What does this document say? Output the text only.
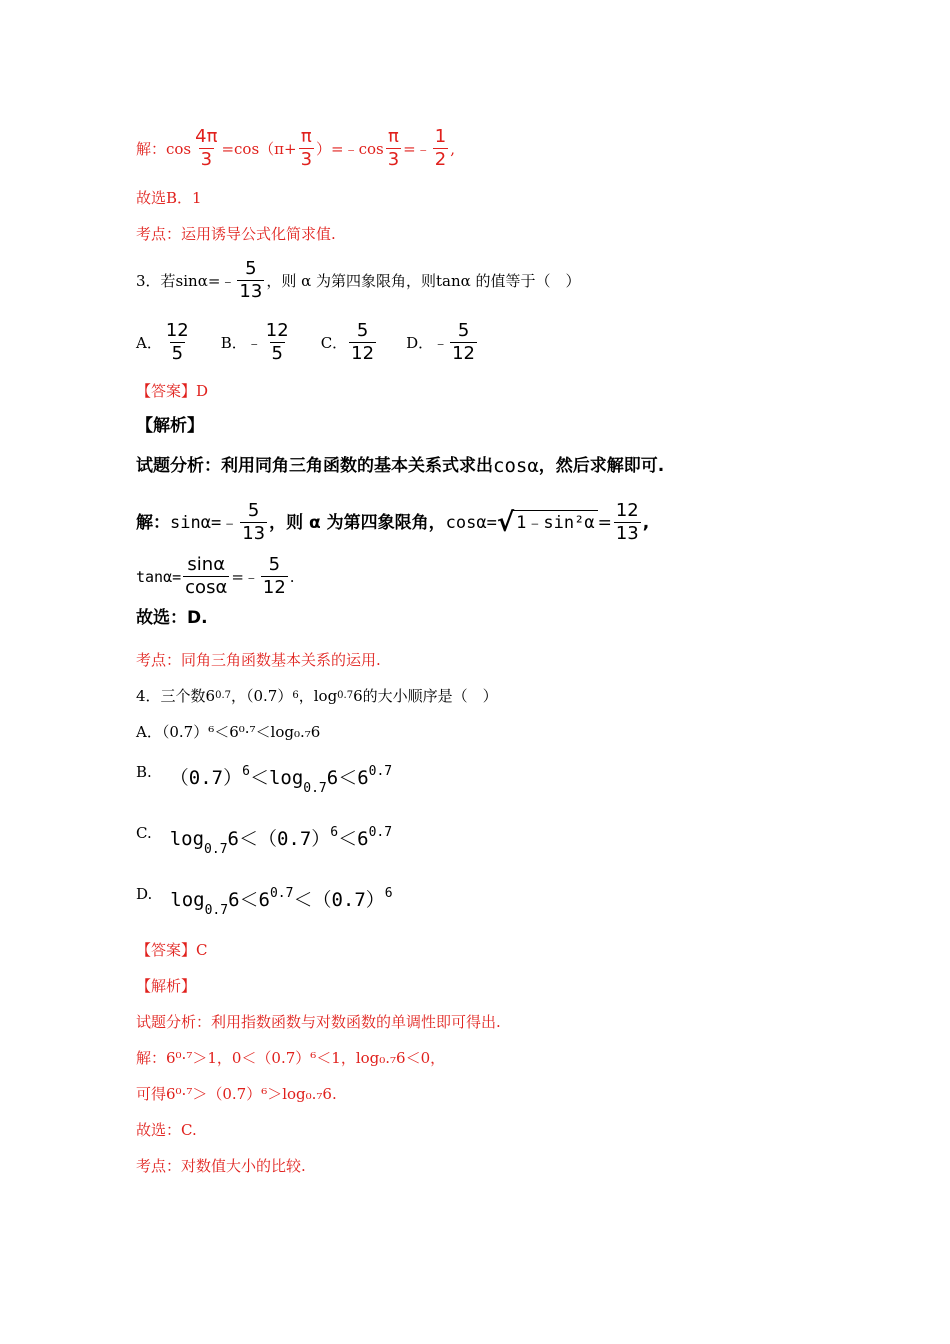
解：$\cos \frac{4\pi}{3} =\cos(\pi+ \frac{\pi}{3}$ ）=﹣cos $\frac{\pi}{3}$ =﹣ $\frac{1}{2}$ ,
故选B．1
考点：运用诱导公式化简求值.
3．若sinα=﹣ $\frac{5}{13}$ ，则 α 为第四象限角，则tanα 的值等于（　）
A． $\frac{12}{5}$ B．﹣ $\frac{12}{5}$ C． $\frac{5}{12}$ D．﹣ $\frac{5}{12}$
【答案】D
【解析】
试题分析：利用同角三角函数的基本关系式求出 cosα ，然后求解即可.
解： sinα=﹣ $\frac{5}{13}$ ，则 α 为第四象限角， cosα= √ 1﹣sin²α = $\frac{12}{13}$ ,
$\tan\alpha= \frac{\sin\alpha}{\cos\alpha}$ =﹣ $\frac{5}{12}$ .
故选：D.
考点：同角三角函数基本关系的运用.
4．三个数6 0.7 ，（0.7） 6 ，log 0.7 6的大小顺序是（　）
A．（0.7）⁶＜6⁰·⁷＜log₀.₇6
B. $(0.7)^6<\log_{0.7}6<6^{0.7}$
C. $\log_{0.7}6<(0.7)^6<6^{0.7}$
D. $\log_{0.7}6<6^{0.7}<(0.7)^6$
【答案】C
【解析】
试题分析：利用指数函数与对数函数的单调性即可得出.
解：6⁰·⁷＞1，0＜（0.7）⁶＜1，log₀.₇6＜0，
可得6⁰·⁷＞（0.7）⁶＞log₀.₇6.
故选：C.
考点：对数值大小的比较.
